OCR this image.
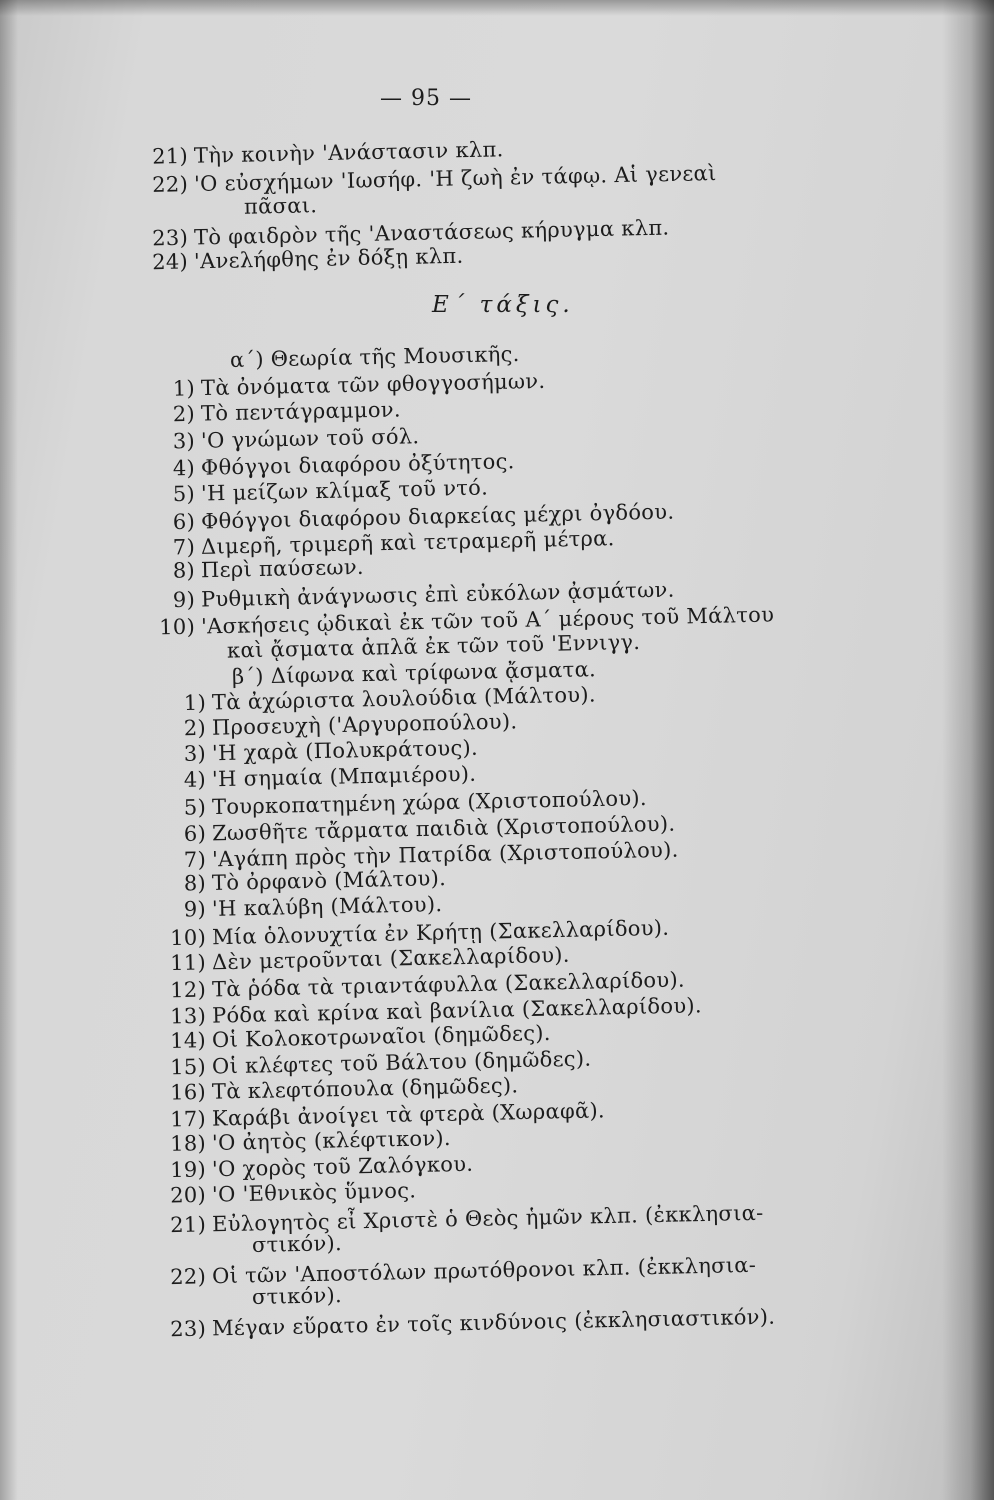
— 95 —
21) Τὴν κοινὴν 'Ανάστασιν κλπ.
22) 'Ο εὐσχήμων 'Ιωσήφ. 'Η ζωὴ ἐν τάφῳ. Αἱ γενεαὶ
πᾶσαι.
23) Τὸ φαιδρὸν τῆς 'Αναστάσεως κήρυγμα κλπ.
24) 'Ανελήφθης ἐν δόξῃ κλπ.
Ε΄ τάξις.
α΄) Θεωρία τῆς Μουσικῆς.
1) Τὰ ὀνόματα τῶν φθογγοσήμων.
2) Τὸ πεντάγραμμον.
3) 'Ο γνώμων τοῦ σόλ.
4) Φθόγγοι διαφόρου ὀξύτητος.
5) 'Η μείζων κλίμαξ τοῦ ντό.
6) Φθόγγοι διαφόρου διαρκείας μέχρι ὀγδόου.
7) Διμερῆ, τριμερῆ καὶ τετραμερῆ μέτρα.
8) Περὶ παύσεων.
9) Ρυθμικὴ ἀνάγνωσις ἐπὶ εὐκόλων ᾀσμάτων.
10) 'Ασκήσεις ᾠδικαὶ ἐκ τῶν τοῦ Α΄ μέρους τοῦ Μάλτου
καὶ ᾄσματα ἁπλᾶ ἐκ τῶν τοῦ 'Εννιγγ.
β΄) Δίφωνα καὶ τρίφωνα ᾄσματα.
1) Τὰ ἀχώριστα λουλούδια (Μάλτου).
2) Προσευχὴ ('Αργυροπούλου).
3) 'Η χαρὰ (Πολυκράτους).
4) 'Η σημαία (Μπαμιέρου).
5) Τουρκοπατημένη χώρα (Χριστοπούλου).
6) Ζωσθῆτε τἄρματα παιδιὰ (Χριστοπούλου).
7) 'Αγάπη πρὸς τὴν Πατρίδα (Χριστοπούλου).
8) Τὸ ὀρφανὸ (Μάλτου).
9) 'Η καλύβη (Μάλτου).
10) Μία ὁλονυχτία ἐν Κρήτῃ (Σακελλαρίδου).
11) Δὲν μετροῦνται (Σακελλαρίδου).
12) Τὰ ῥόδα τὰ τριαντάφυλλα (Σακελλαρίδου).
13) Ρόδα καὶ κρίνα καὶ βανίλια (Σακελλαρίδου).
14) Οἱ Κολοκοτρωναῖοι (δημῶδες).
15) Οἱ κλέφτες τοῦ Βάλτου (δημῶδες).
16) Τὰ κλεφτόπουλα (δημῶδες).
17) Καράβι ἀνοίγει τὰ φτερὰ (Χωραφᾶ).
18) 'Ο ἀητὸς (κλέφτικον).
19) 'Ο χορὸς τοῦ Ζαλόγκου.
20) 'Ο 'Εθνικὸς ὕμνος.
21) Εὐλογητὸς εἶ Χριστὲ ὁ Θεὸς ἡμῶν κλπ. (ἐκκλησια-
στικόν).
22) Οἱ τῶν 'Αποστόλων πρωτόθρονοι κλπ. (ἐκκλησια-
στικόν).
23) Μέγαν εὕρατο ἐν τοῖς κινδύνοις (ἐκκλησιαστικόν).
